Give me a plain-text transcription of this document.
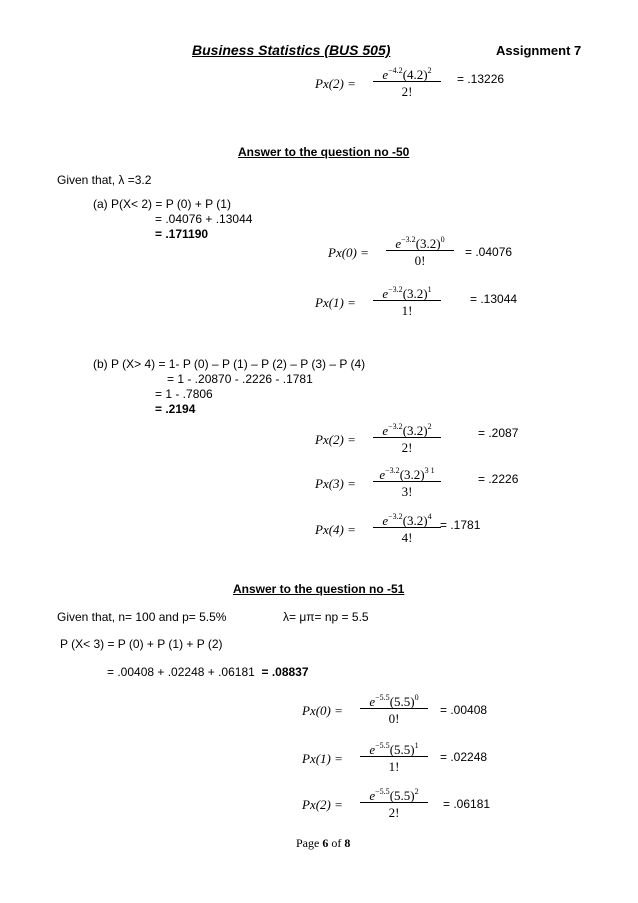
Business Statistics (BUS 505)	Assignment 7
Px(2) =
$e^{-4.2}(4.2)^2$
2!
= .13226
Answer to the question no -50
Given that, λ =3.2
(a) P(X< 2) = P (0) + P (1)
= .04076 + .13044
= .171190
Px(0) =
$e^{-3.2}(3.2)^0$
0!
= .04076
Px(1) =
$e^{-3.2}(3.2)^1$
1!
= .13044
(b) P (X> 4) = 1- P (0) – P (1) – P (2) – P (3) – P (4)
= 1 - .20870 - .2226 - .1781
= 1 - .7806
= .2194
Px(2) =
$e^{-3.2}(3.2)^2$
2!
= .2087
Px(3) =
$e^{-3.2}(3.2)^{3 1}$
3!
= .2226
Px(4) =
$e^{-3.2}(3.2)^4$
4!
= .1781
Answer to the question no -51
Given that, n= 100 and p= 5.5%	λ= μπ= np = 5.5
P (X< 3) = P (0) + P (1) + P (2)
= .00408 + .02248 + .06181 = .08837
Px(0) =
$e^{-5.5}(5.5)^0$
0!
= .00408
Px(1) =
$e^{-5.5}(5.5)^1$
1!
= .02248
Px(2) =
$e^{-5.5}(5.5)^2$
2!
= .06181
Page 6 of 8
